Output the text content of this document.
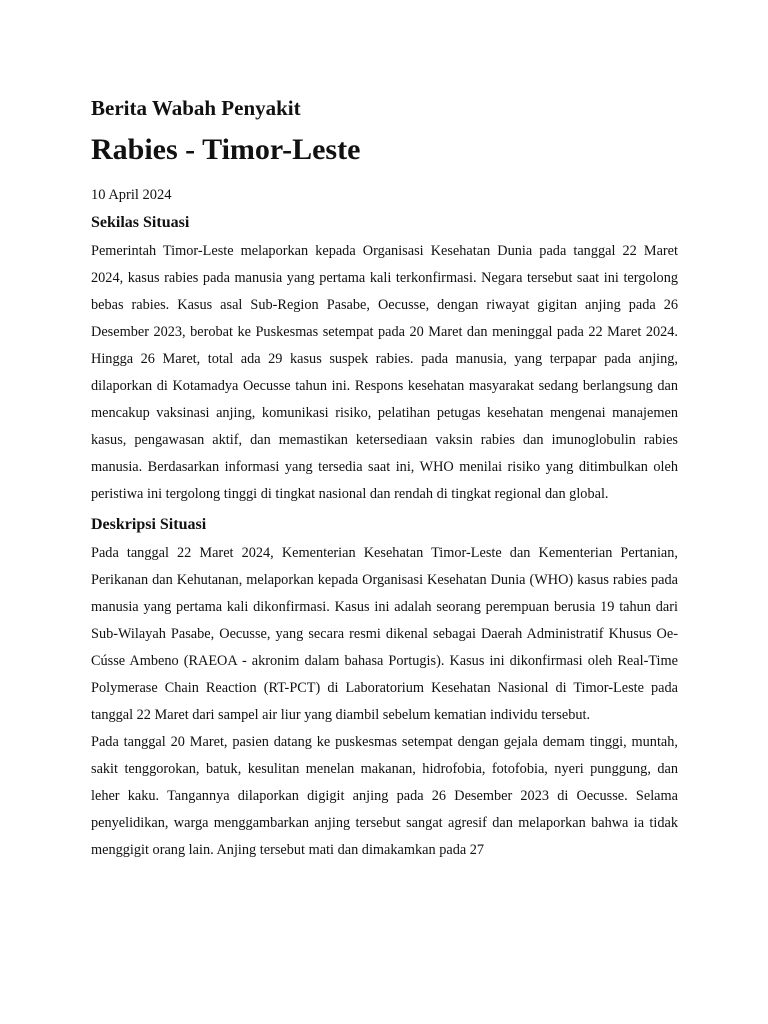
Berita Wabah Penyakit
Rabies - Timor-Leste

10 April 2024

Sekilas Situasi

Pemerintah Timor-Leste melaporkan kepada Organisasi Kesehatan Dunia pada tanggal 22 Maret 2024, kasus rabies pada manusia yang pertama kali terkonfirmasi. Negara tersebut saat ini tergolong bebas rabies. Kasus asal Sub-Region Pasabe, Oecusse, dengan riwayat gigitan anjing pada 26 Desember 2023, berobat ke Puskesmas setempat pada 20 Maret dan meninggal pada 22 Maret 2024. Hingga 26 Maret, total ada 29 kasus suspek rabies. pada manusia, yang terpapar pada anjing, dilaporkan di Kotamadya Oecusse tahun ini. Respons kesehatan masyarakat sedang berlangsung dan mencakup vaksinasi anjing, komunikasi risiko, pelatihan petugas kesehatan mengenai manajemen kasus, pengawasan aktif, dan memastikan ketersediaan vaksin rabies dan imunoglobulin rabies manusia. Berdasarkan informasi yang tersedia saat ini, WHO menilai risiko yang ditimbulkan oleh peristiwa ini tergolong tinggi di tingkat nasional dan rendah di tingkat regional dan global.

Deskripsi Situasi

Pada tanggal 22 Maret 2024, Kementerian Kesehatan Timor-Leste dan Kementerian Pertanian, Perikanan dan Kehutanan, melaporkan kepada Organisasi Kesehatan Dunia (WHO) kasus rabies pada manusia yang pertama kali dikonfirmasi. Kasus ini adalah seorang perempuan berusia 19 tahun dari Sub-Wilayah Pasabe, Oecusse, yang secara resmi dikenal sebagai Daerah Administratif Khusus Oe-Cússe Ambeno (RAEOA - akronim dalam bahasa Portugis). Kasus ini dikonfirmasi oleh Real-Time Polymerase Chain Reaction (RT-PCT) di Laboratorium Kesehatan Nasional di Timor-Leste pada tanggal 22 Maret dari sampel air liur yang diambil sebelum kematian individu tersebut.

Pada tanggal 20 Maret, pasien datang ke puskesmas setempat dengan gejala demam tinggi, muntah, sakit tenggorokan, batuk, kesulitan menelan makanan, hidrofobia, fotofobia, nyeri punggung, dan leher kaku. Tangannya dilaporkan digigit anjing pada 26 Desember 2023 di Oecusse. Selama penyelidikan, warga menggambarkan anjing tersebut sangat agresif dan melaporkan bahwa ia tidak menggigit orang lain. Anjing tersebut mati dan dimakamkan pada 27
